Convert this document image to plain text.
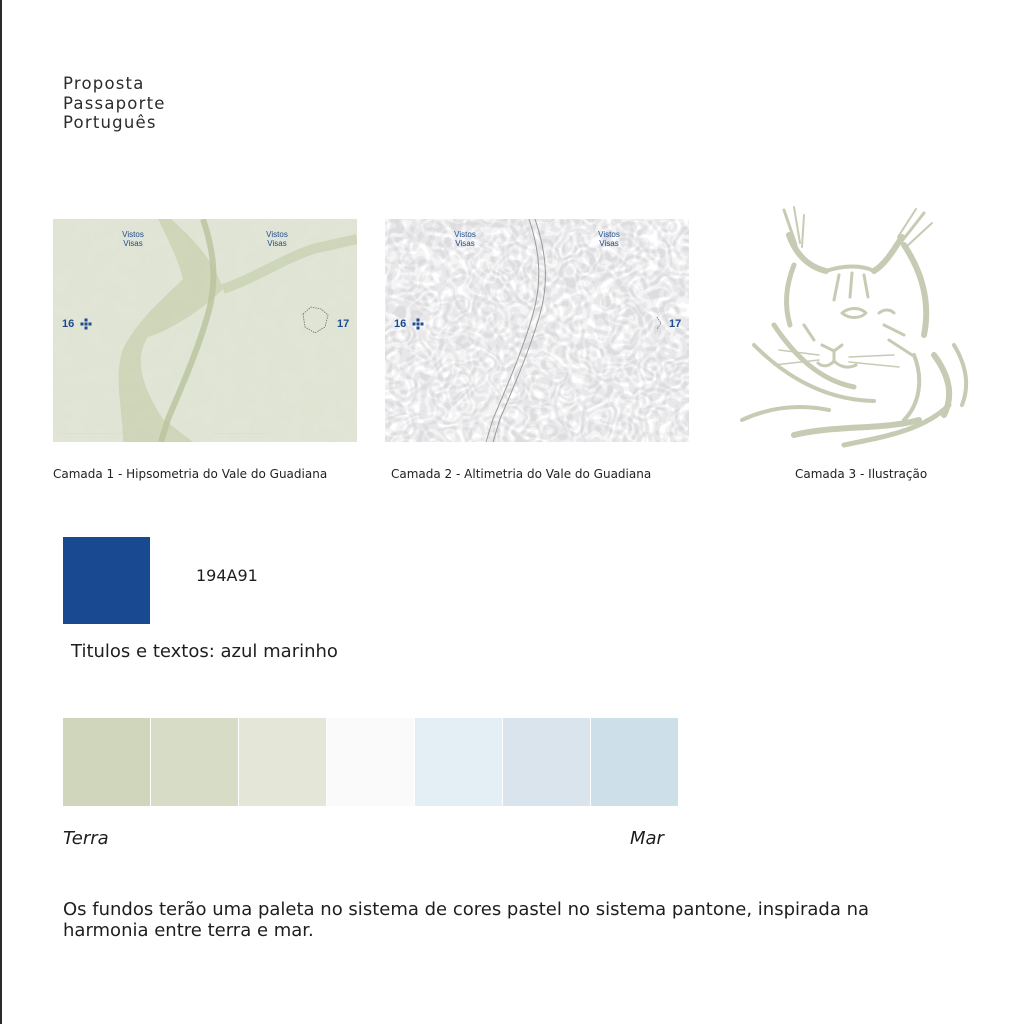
Proposta
Passaporte
Português
. . . . . . . . . . . . . . . . . . . . . . . . . . . . . . . . . . . . . . .	. . . . . . . . . . . . . . . . . . . . . . . . . . . . . . . . . . .
Vistos
Visas
Vistos
Visas
16	17
Vistos
Visas
Vistos
Visas
16	17
Camada 1 - Hipsometria do Vale do Guadiana	Camada 2 - Altimetria do Vale do Guadiana	Camada 3 - Ilustração
194A91
Titulos e textos: azul marinho
Terra	Mar
Os fundos terão uma paleta no sistema de cores pastel no sistema pantone, inspirada na harmonia entre terra e mar.
